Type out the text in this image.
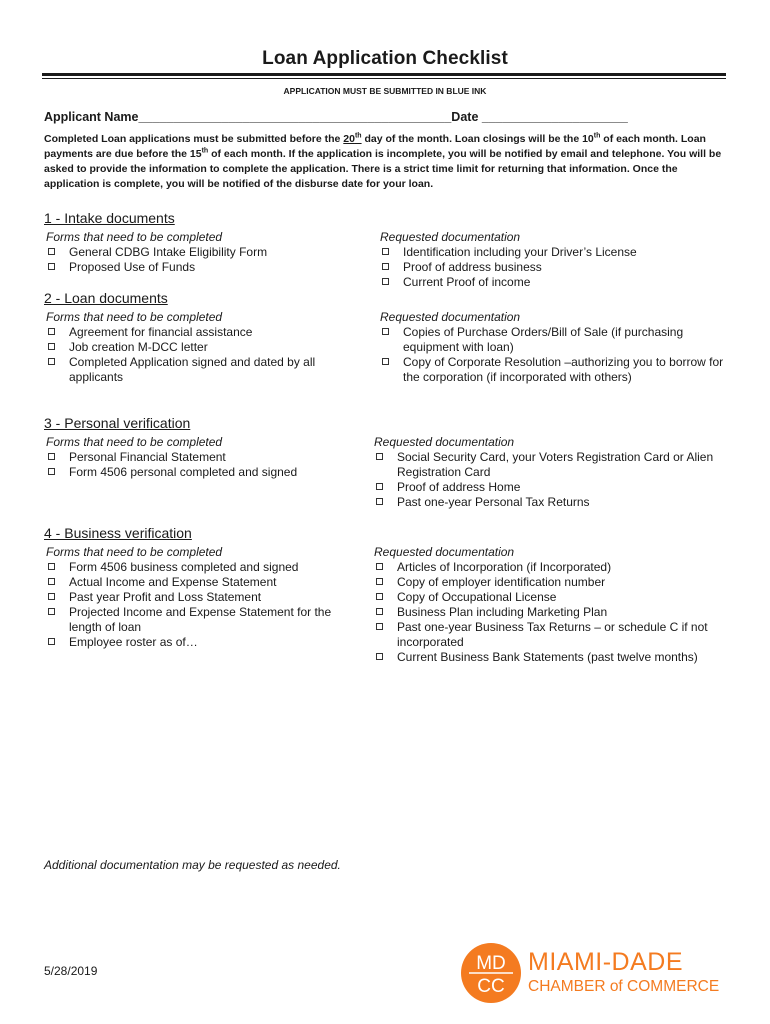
Loan Application Checklist
APPLICATION MUST BE SUBMITTED IN BLUE INK
Applicant Name_____________________________________________Date _____________________
Completed Loan applications must be submitted before the 20th day of the month. Loan closings will be the 10th of each month. Loan payments are due before the 15th of each month. If the application is incomplete, you will be notified by email and telephone. You will be asked to provide the information to complete the application. There is a strict time limit for returning that information. Once the application is complete, you will be notified of the disburse date for your loan.
1 - Intake documents
Forms that need to be completed
General CDBG Intake Eligibility Form
Proposed Use of Funds
Requested documentation
Identification including your Driver’s License
Proof of address business
Current Proof of income
2 - Loan documents
Forms that need to be completed
Agreement for financial assistance
Job creation M-DCC letter
Completed Application signed and dated by all applicants
Requested documentation
Copies of Purchase Orders/Bill of Sale (if purchasing equipment with loan)
Copy of Corporate Resolution –authorizing you to borrow for the corporation (if incorporated with others)
3 - Personal verification
Forms that need to be completed
Personal Financial Statement
Form 4506 personal completed and signed
Requested documentation
Social Security Card, your Voters Registration Card or Alien Registration Card
Proof of address Home
Past one-year Personal Tax Returns
4 - Business verification
Forms that need to be completed
Form 4506 business completed and signed
Actual Income and Expense Statement
Past year Profit and Loss Statement
Projected Income and Expense Statement for the length of loan
Employee roster as of…
Requested documentation
Articles of Incorporation (if Incorporated)
Copy of employer identification number
Copy of Occupational License
Business Plan including Marketing Plan
Past one-year Business Tax Returns – or schedule C if not incorporated
Current Business Bank Statements (past twelve months)
Additional documentation may be requested as needed.
5/28/2019	MD
CC
MIAMI-DADE
CHAMBER of COMMERCE
